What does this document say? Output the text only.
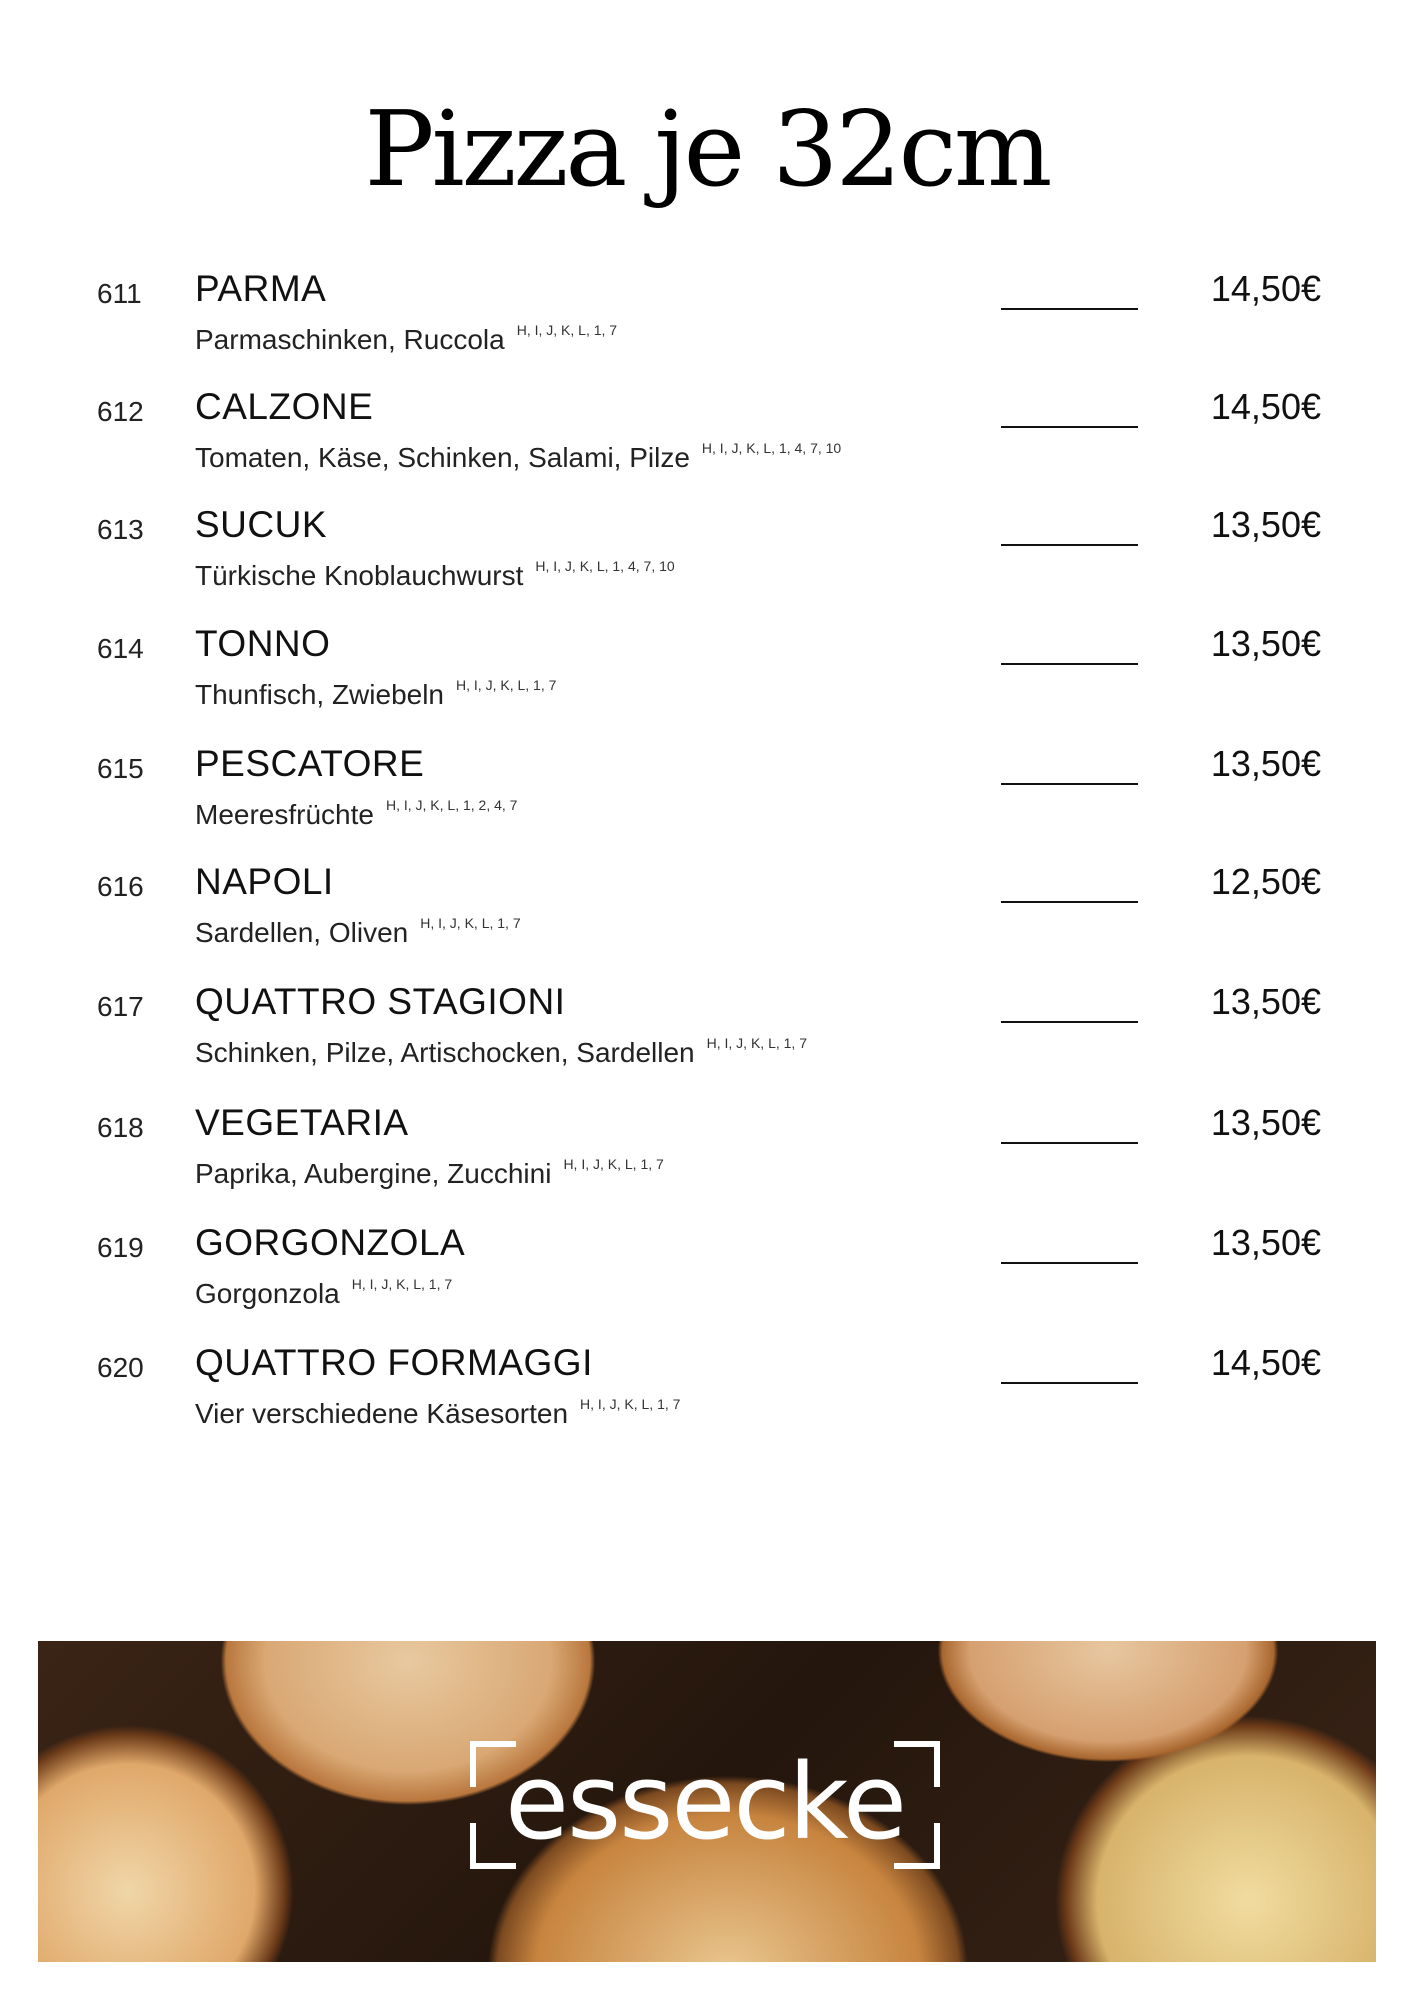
Pizza je 32cm
611 PARMA
Parmaschinken, Ruccola $^{H, I, J, K, L, 1, 7}$
14,50€
612 CALZONE
Tomaten, Käse, Schinken, Salami, Pilze $^{H, I, J, K, L, 1, 4, 7, 10}$
14,50€
613 SUCUK
Türkische Knoblauchwurst $^{H, I, J, K, L, 1, 4, 7, 10}$
13,50€
614 TONNO
Thunfisch, Zwiebeln $^{H, I, J, K, L, 1, 7}$
13,50€
615 PESCATORE
Meeresfrüchte $^{H, I, J, K, L, 1, 2, 4, 7}$
13,50€
616 NAPOLI
Sardellen, Oliven $^{H, I, J, K, L, 1, 7}$
12,50€
617 QUATTRO STAGIONI
Schinken, Pilze, Artischocken, Sardellen $^{H, I, J, K, L, 1, 7}$
13,50€
618 VEGETARIA
Paprika, Aubergine, Zucchini $^{H, I, J, K, L, 1, 7}$
13,50€
619 GORGONZOLA
Gorgonzola $^{H, I, J, K, L, 1, 7}$
13,50€
620 QUATTRO FORMAGGI
Vier verschiedene Käsesorten $^{H, I, J, K, L, 1, 7}$
14,50€
essecke
